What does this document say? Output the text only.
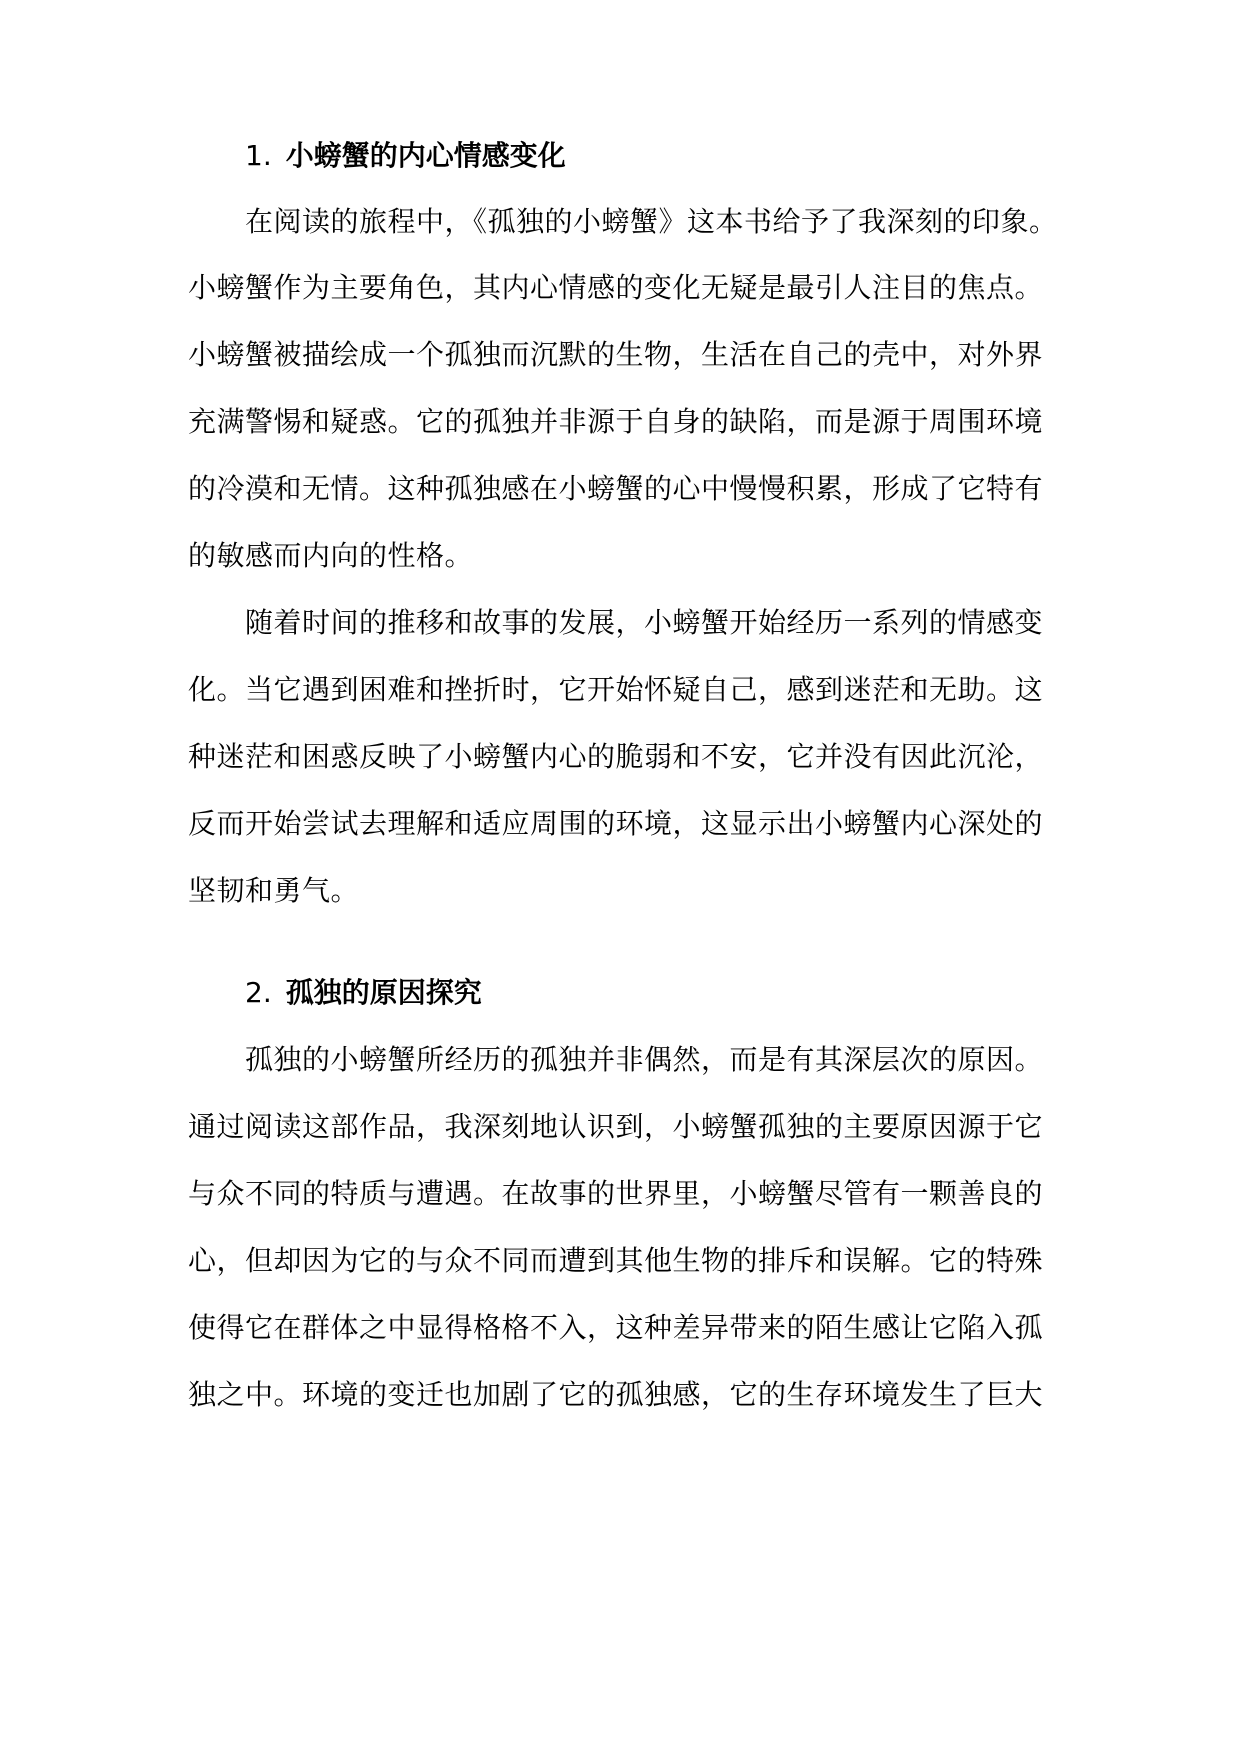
1. 小螃蟹的内心情感变化
在阅读的旅程中，《孤独的小螃蟹》这本书给予了我深刻的印象。
小螃蟹作为主要角色，其内心情感的变化无疑是最引人注目的焦点。
小螃蟹被描绘成一个孤独而沉默的生物，生活在自己的壳中，对外界
充满警惕和疑惑。它的孤独并非源于自身的缺陷，而是源于周围环境
的冷漠和无情。这种孤独感在小螃蟹的心中慢慢积累，形成了它特有
的敏感而内向的性格。
随着时间的推移和故事的发展，小螃蟹开始经历一系列的情感变
化。当它遇到困难和挫折时，它开始怀疑自己，感到迷茫和无助。这
种迷茫和困惑反映了小螃蟹内心的脆弱和不安，它并没有因此沉沦，
反而开始尝试去理解和适应周围的环境，这显示出小螃蟹内心深处的
坚韧和勇气。
2. 孤独的原因探究
孤独的小螃蟹所经历的孤独并非偶然，而是有其深层次的原因。
通过阅读这部作品，我深刻地认识到，小螃蟹孤独的主要原因源于它
与众不同的特质与遭遇。在故事的世界里，小螃蟹尽管有一颗善良的
心，但却因为它的与众不同而遭到其他生物的排斥和误解。它的特殊
使得它在群体之中显得格格不入，这种差异带来的陌生感让它陷入孤
独之中。环境的变迁也加剧了它的孤独感，它的生存环境发生了巨大
